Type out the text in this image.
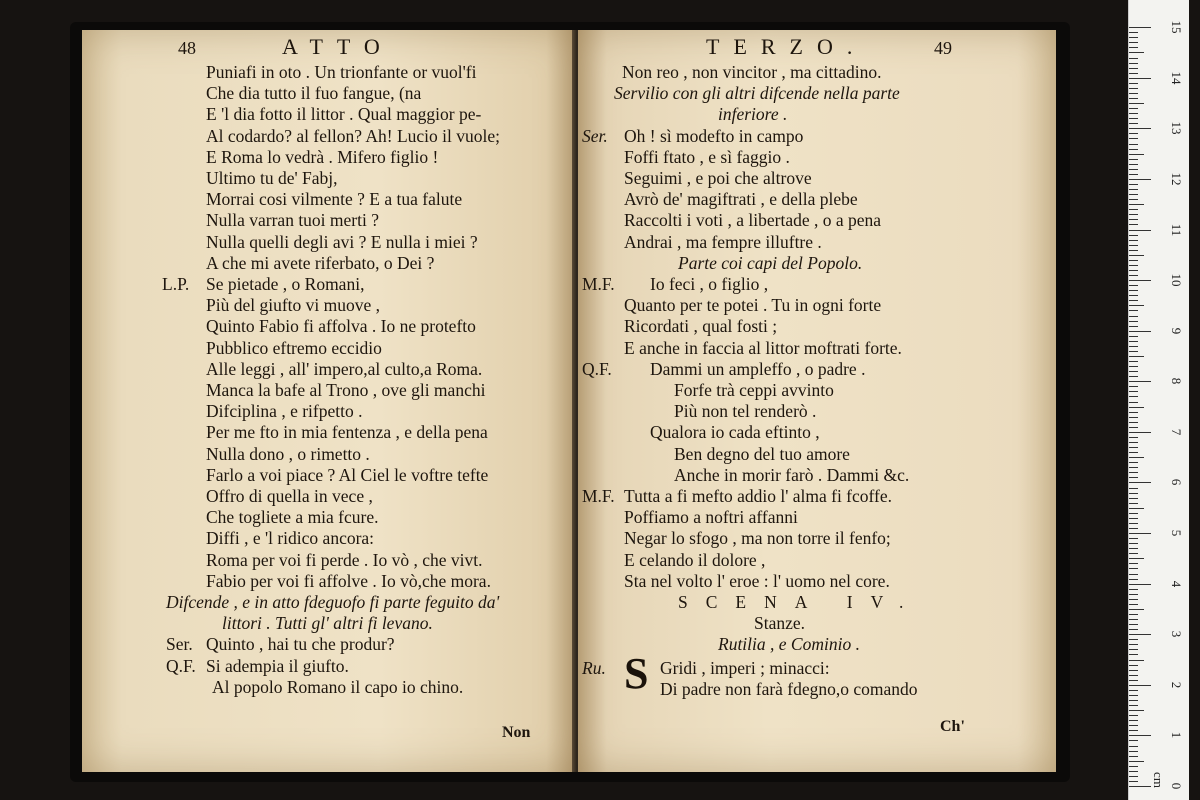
48	ATTO
Puniafi in oto . Un trionfante or vuol'fi
Che dia tutto il fuo fangue, (na
E 'l dia fotto il littor . Qual maggior pe-
Al codardo? al fellon? Ah! Lucio il vuole;
E Roma lo vedrà . Mifero figlio !
Ultimo tu de' Fabj,
Morrai cosi vilmente ? E a tua falute
Nulla varran tuoi merti ?
Nulla quelli degli avi ? E nulla i miei ?
A che mi avete riferbato, o Dei ?
L.P. Se pietade , o Romani,
Più del giufto vi muove ,
Quinto Fabio fi affolva . Io ne protefto
Pubblico eftremo eccidio
Alle leggi , all' impero,al culto,a Roma.
Manca la bafe al Trono , ove gli manchi
Difciplina , e rifpetto .
Per me fto in mia fentenza , e della pena
Nulla dono , o rimetto .
Farlo a voi piace ? Al Ciel le voftre tefte
Offro di quella in vece ,
Che togliete a mia fcure.
Diffi , e 'l ridico ancora:
Roma per voi fi perde . Io vò , che vivt.
Fabio per voi fi affolve . Io vò,che mora.
Difcende , e in atto fdeguofo fi parte feguito da'
littori . Tutti gl' altri fi levano.
Ser. Quinto , hai tu che produr?
Q.F. Si adempia il giufto.
Al popolo Romano il capo io chino.
Non
TERZO.	49
Non reo , non vincitor , ma cittadino.
Servilio con gli altri difcende nella parte
inferiore .
Ser. Oh ! sì modefto in campo
Foffi ftato , e sì faggio .
Seguimi , e poi che altrove
Avrò de' magiftrati , e della plebe
Raccolti i voti , a libertade , o a pena
Andrai , ma fempre illuftre .
Parte coi capi del Popolo.
M.F. Io feci , o figlio ,
Quanto per te potei . Tu in ogni forte
Ricordati , qual fosti ;
E anche in faccia al littor moftrati forte.
Q.F. Dammi un ampleffo , o padre .
Forfe trà ceppi avvinto
Più non tel renderò .
Qualora io cada eftinto ,
Ben degno del tuo amore
Anche in morir farò . Dammi &c.
M.F. Tutta a fi mefto addio l' alma fi fcoffe.
Poffiamo a noftri affanni
Negar lo sfogo , ma non torre il fenfo;
E celando il dolore ,
Sta nel volto l' eroe : l' uomo nel core.
SCENA IV.
Stanze.
Rutilia , e Cominio .
Ru. S Gridi , imperi ; minacci:
Di padre non farà fdegno,o comando
Ch'
0
1
2
3
4
5
6
7
8
9
10
11
12
13
14
15
cm
